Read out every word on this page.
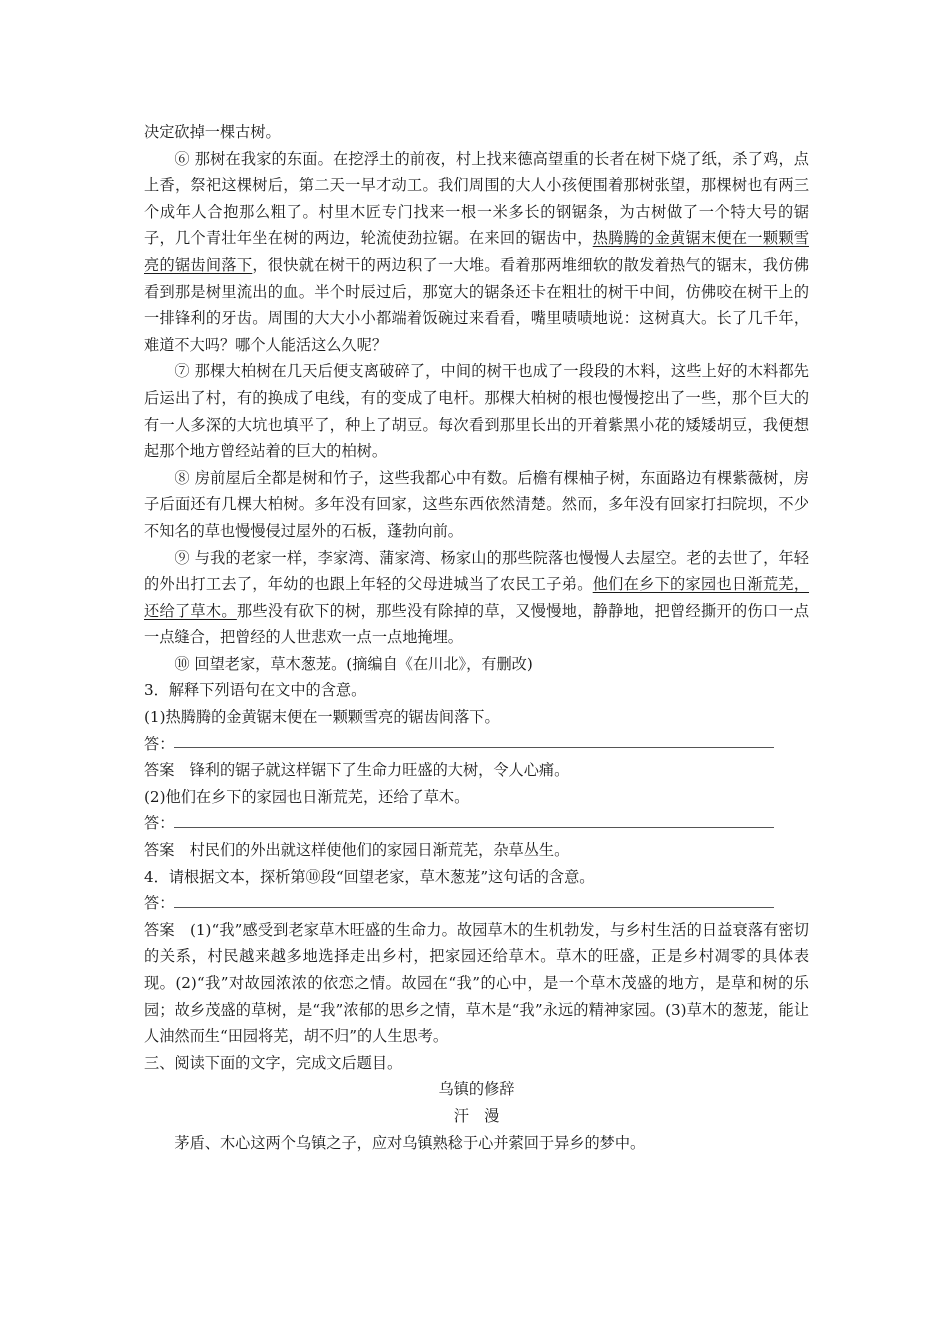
决定砍掉一棵古树。

⑥ 那树在我家的东面。在挖浮土的前夜，村上找来德高望重的长者在树下烧了纸，杀了鸡，点上香，祭祀这棵树后，第二天一早才动工。我们周围的大人小孩便围着那树张望，那棵树也有两三个成年人合抱那么粗了。村里木匠专门找来一根一米多长的钢锯条，为古树做了一个特大号的锯子，几个青壮年坐在树的两边，轮流使劲拉锯。在来回的锯齿中，热腾腾的金黄锯末便在一颗颗雪亮的锯齿间落下，很快就在树干的两边积了一大堆。看着那两堆细软的散发着热气的锯末，我仿佛看到那是树里流出的血。半个时辰过后，那宽大的锯条还卡在粗壮的树干中间，仿佛咬在树干上的一排锋利的牙齿。周围的大大小小都端着饭碗过来看看，嘴里啧啧地说：这树真大。长了几千年，难道不大吗？哪个人能活这么久呢？

⑦ 那棵大柏树在几天后便支离破碎了，中间的树干也成了一段段的木料，这些上好的木料都先后运出了村，有的换成了电线，有的变成了电杆。那棵大柏树的根也慢慢挖出了一些，那个巨大的有一人多深的大坑也填平了，种上了胡豆。每次看到那里长出的开着紫黑小花的矮矮胡豆，我便想起那个地方曾经站着的巨大的柏树。

⑧ 房前屋后全都是树和竹子，这些我都心中有数。后檐有棵柚子树，东面路边有棵紫薇树，房子后面还有几棵大柏树。多年没有回家，这些东西依然清楚。然而，多年没有回家打扫院坝，不少不知名的草也慢慢侵过屋外的石板，蓬勃向前。

⑨ 与我的老家一样，李家湾、蒲家湾、杨家山的那些院落也慢慢人去屋空。老的去世了，年轻的外出打工去了，年幼的也跟上年轻的父母进城当了农民工子弟。他们在乡下的家园也日渐荒芜，还给了草木。那些没有砍下的树，那些没有除掉的草，又慢慢地，静静地，把曾经撕开的伤口一点一点缝合，把曾经的人世悲欢一点一点地掩埋。

⑩ 回望老家，草木葱茏。(摘编自《在川北》，有删改)

3．解释下列语句在文中的含意。

(1)热腾腾的金黄锯末便在一颗颗雪亮的锯齿间落下。

答：

答案　锋利的锯子就这样锯下了生命力旺盛的大树，令人心痛。

(2)他们在乡下的家园也日渐荒芜，还给了草木。

答：

答案　村民们的外出就这样使他们的家园日渐荒芜，杂草丛生。

4．请根据文本，探析第⑩段“回望老家，草木葱茏”这句话的含意。

答：

答案　(1)“我”感受到老家草木旺盛的生命力。故园草木的生机勃发，与乡村生活的日益衰落有密切的关系，村民越来越多地选择走出乡村，把家园还给草木。草木的旺盛，正是乡村凋零的具体表现。(2)“我”对故园浓浓的依恋之情。故园在“我”的心中，是一个草木茂盛的地方，是草和树的乐园；故乡茂盛的草树，是“我”浓郁的思乡之情，草木是“我”永远的精神家园。(3)草木的葱茏，能让人油然而生“田园将芜，胡不归”的人生思考。

三、阅读下面的文字，完成文后题目。

乌镇的修辞

汗　漫

茅盾、木心这两个乌镇之子，应对乌镇熟稔于心并萦回于异乡的梦中。
